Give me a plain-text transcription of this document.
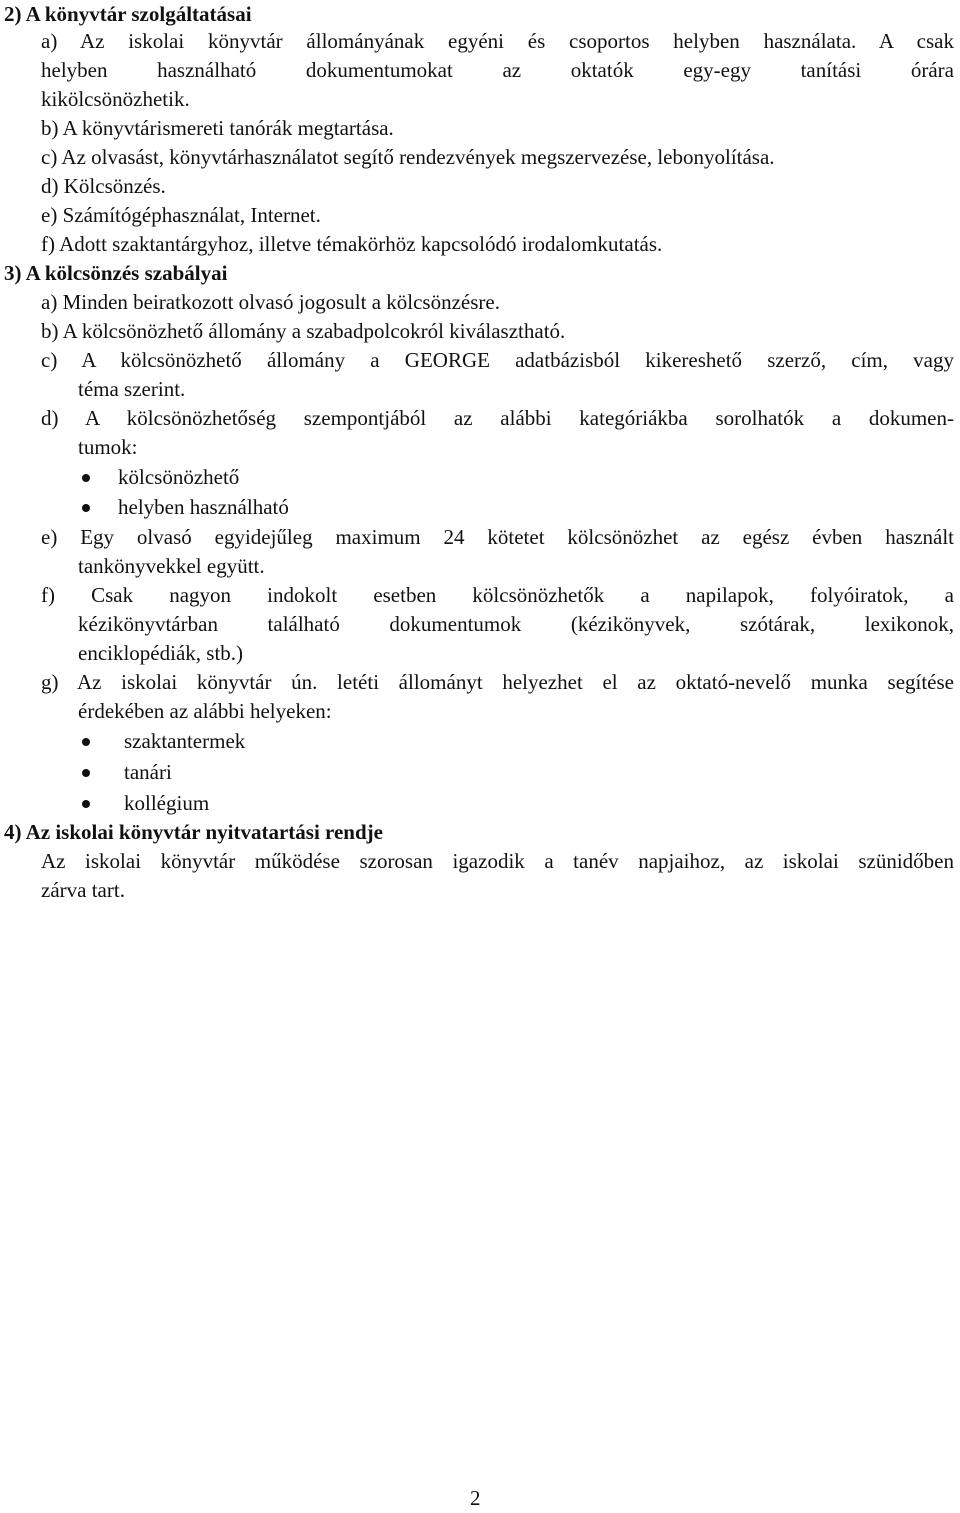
2) A könyvtár szolgáltatásai
a) Az iskolai könyvtár állományának egyéni és csoportos helyben használata. A csak
helyben használható dokumentumokat az oktatók egy-egy tanítási órára
kikölcsönözhetik.
b) A könyvtárismereti tanórák megtartása.
c) Az olvasást, könyvtárhasználatot segítő rendezvények megszervezése, lebonyolítása.
d) Kölcsönzés.
e) Számítógéphasználat, Internet.
f) Adott szaktantárgyhoz, illetve témakörhöz kapcsolódó irodalomkutatás.
3) A kölcsönzés szabályai
a) Minden beiratkozott olvasó jogosult a kölcsönzésre.
b) A kölcsönözhető állomány a szabadpolcokról kiválasztható.
c) A kölcsönözhető állomány a GEORGE adatbázisból kikereshető szerző, cím, vagy
téma szerint.
d) A kölcsönözhetőség szempontjából az alábbi kategóriákba sorolhatók a dokumen-
tumok:
kölcsönözhető
helyben használható
e) Egy olvasó egyidejűleg maximum 24 kötetet kölcsönözhet az egész évben használt
tankönyvekkel együtt.
f) Csak nagyon indokolt esetben kölcsönözhetők a napilapok, folyóiratok, a
kézikönyvtárban található dokumentumok (kézikönyvek, szótárak, lexikonok,
enciklopédiák, stb.)
g) Az iskolai könyvtár ún. letéti állományt helyezhet el az oktató-nevelő munka segítése
érdekében az alábbi helyeken:
szaktantermek
tanári
kollégium
4) Az iskolai könyvtár nyitvatartási rendje
Az iskolai könyvtár működése szorosan igazodik a tanév napjaihoz, az iskolai szünidőben
zárva tart.
2
